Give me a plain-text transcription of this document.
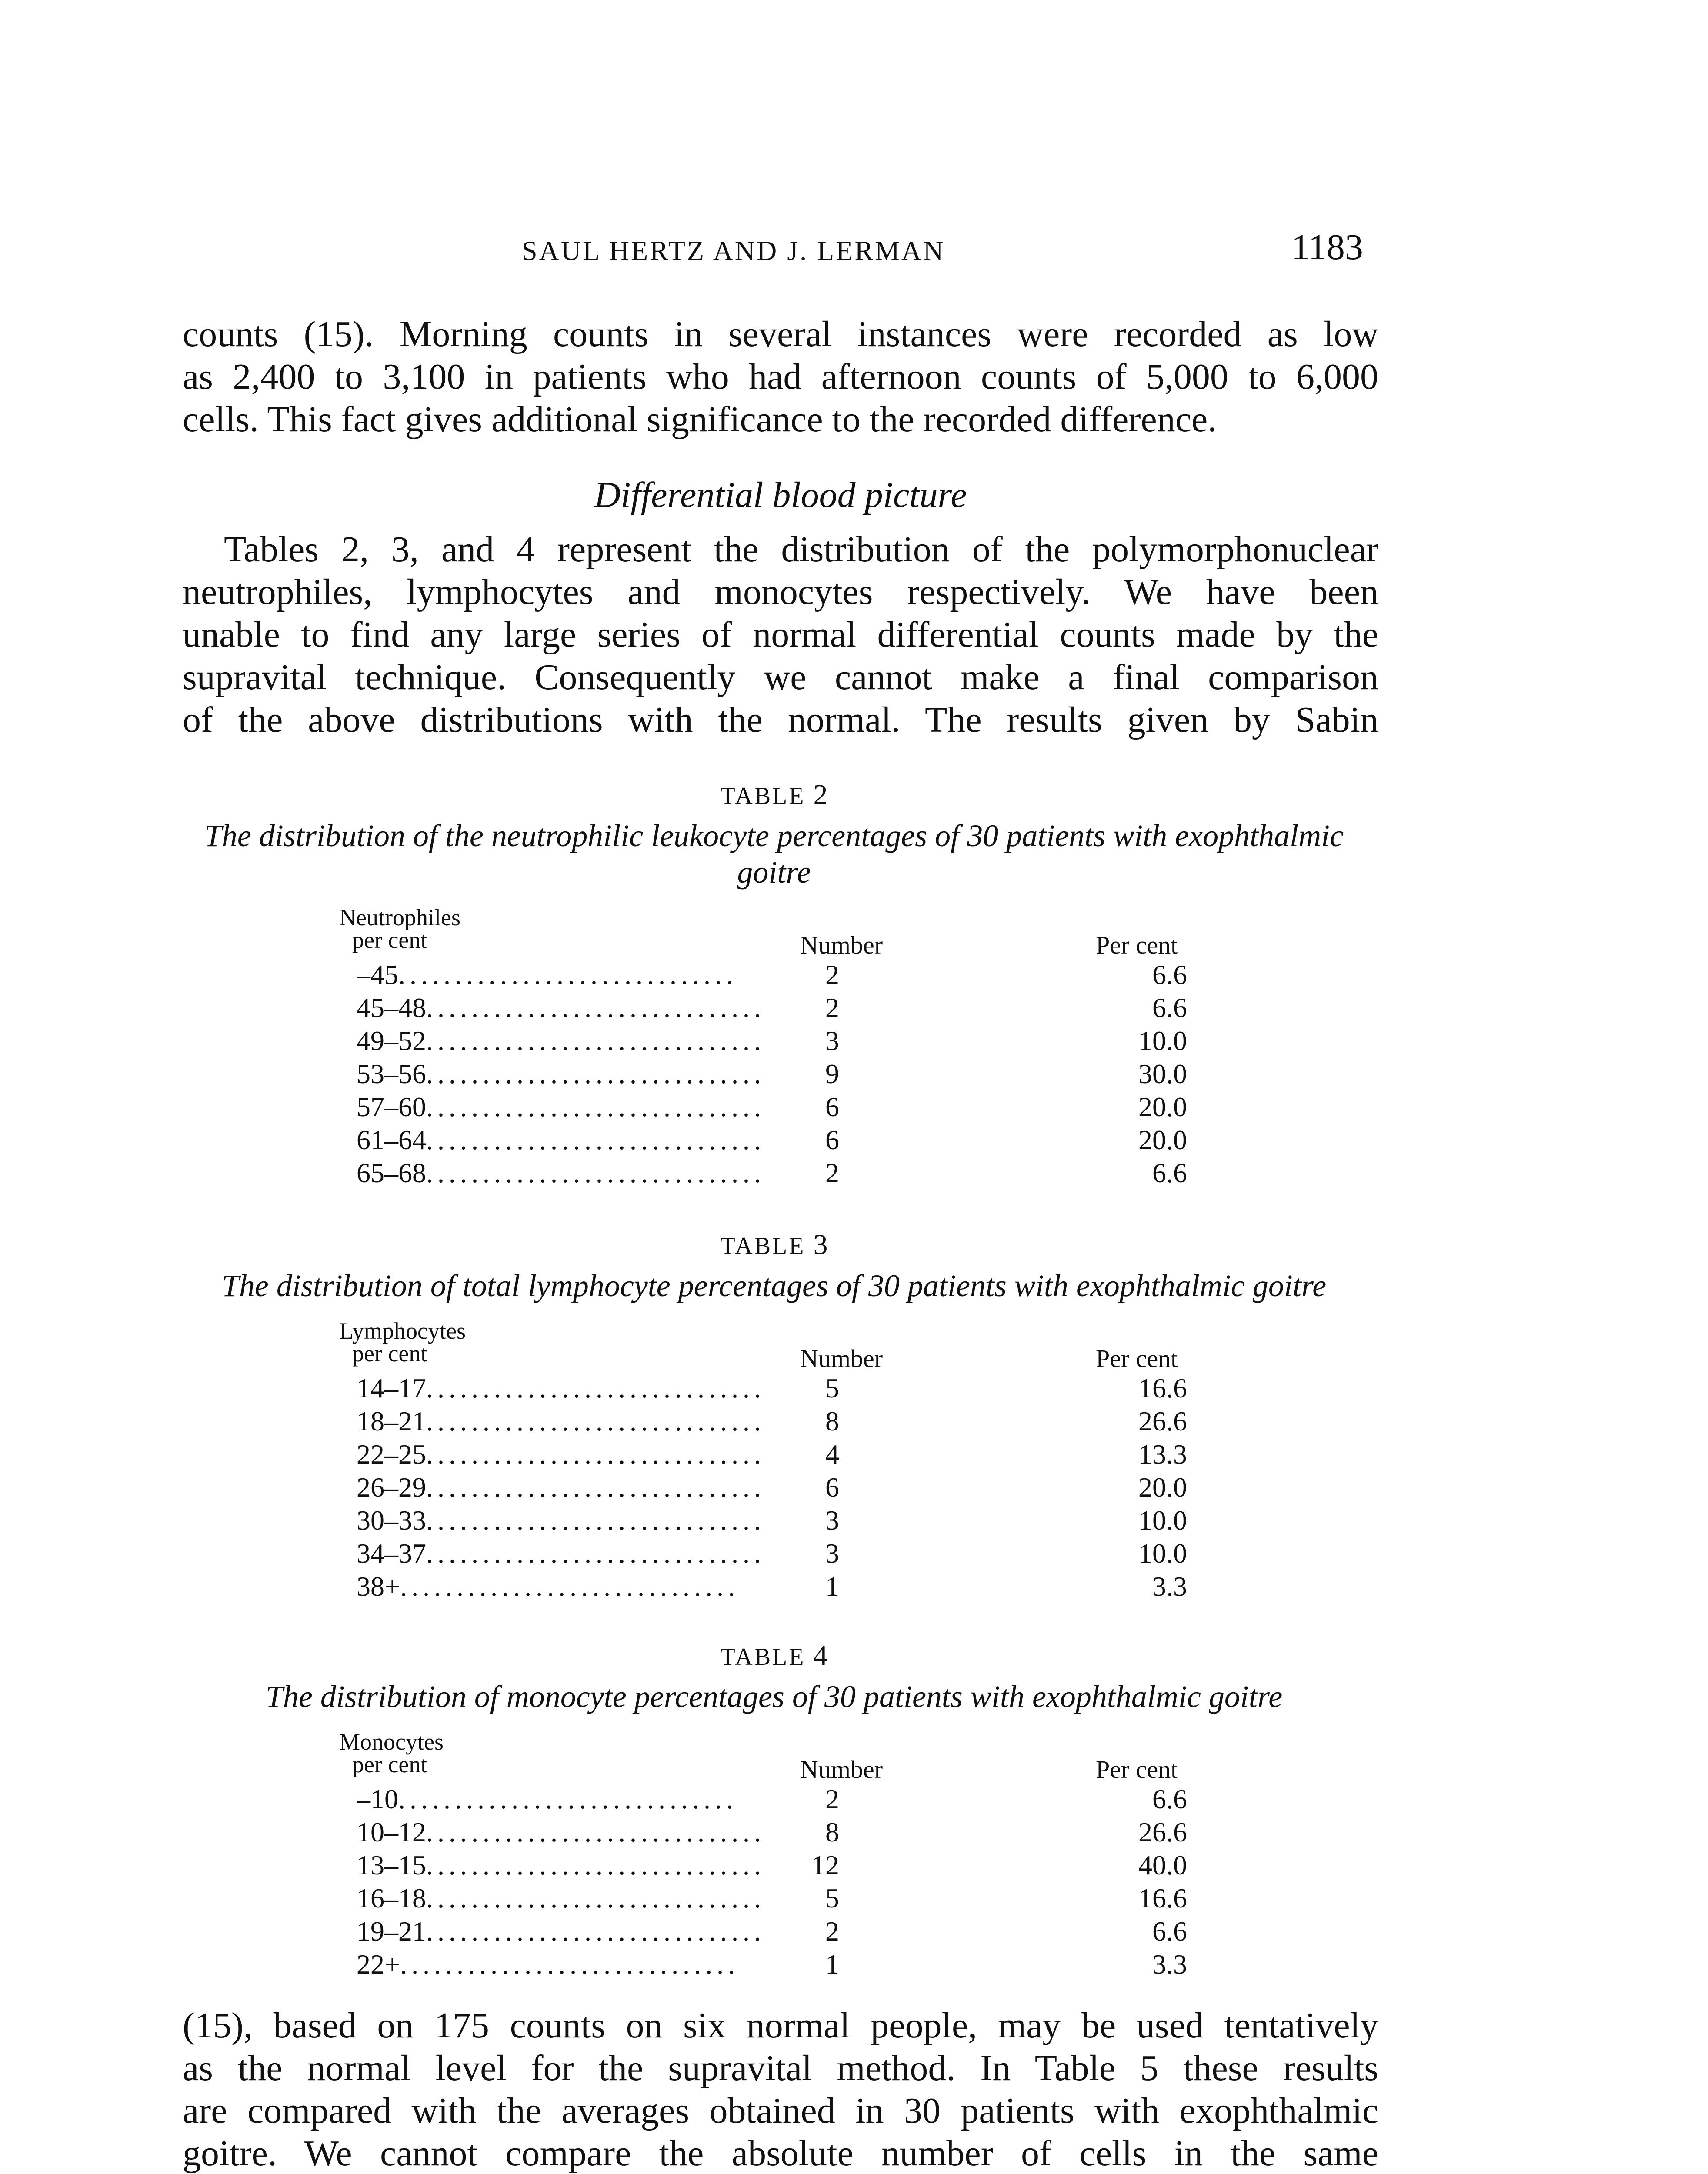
SAUL HERTZ AND J. LERMAN	1183
counts (15). Morning counts in several instances were recorded as low
as 2,400 to 3,100 in patients who had afternoon counts of 5,000 to 6,000
cells. This fact gives additional significance to the recorded difference.
Differential blood picture
Tables 2, 3, and 4 represent the distribution of the polymorphonuclear
neutrophiles, lymphocytes and monocytes respectively. We have been
unable to find any large series of normal differential counts made by the
supravital technique. Consequently we cannot make a final comparison
of the above distributions with the normal. The results given by Sabin
TABLE 2
The distribution of the neutrophilic leukocyte percentages of 30 patients with exophthalmic
goitre
Neutrophiles
per cent	Number	Per cent
–45..............................	2	6.6
45–48..............................	2	6.6
49–52..............................	3	10.0
53–56..............................	9	30.0
57–60..............................	6	20.0
61–64..............................	6	20.0
65–68..............................	2	6.6
TABLE 3
The distribution of total lymphocyte percentages of 30 patients with exophthalmic goitre
Lymphocytes
per cent	Number	Per cent
14–17..............................	5	16.6
18–21..............................	8	26.6
22–25..............................	4	13.3
26–29..............................	6	20.0
30–33..............................	3	10.0
34–37..............................	3	10.0
38+..............................	1	3.3
TABLE 4
The distribution of monocyte percentages of 30 patients with exophthalmic goitre
Monocytes
per cent	Number	Per cent
–10..............................	2	6.6
10–12..............................	8	26.6
13–15..............................	12	40.0
16–18..............................	5	16.6
19–21..............................	2	6.6
22+..............................	1	3.3
(15), based on 175 counts on six normal people, may be used tentatively
as the normal level for the supravital method. In Table 5 these results
are compared with the averages obtained in 30 patients with exophthalmic
goitre. We cannot compare the absolute number of cells in the same
